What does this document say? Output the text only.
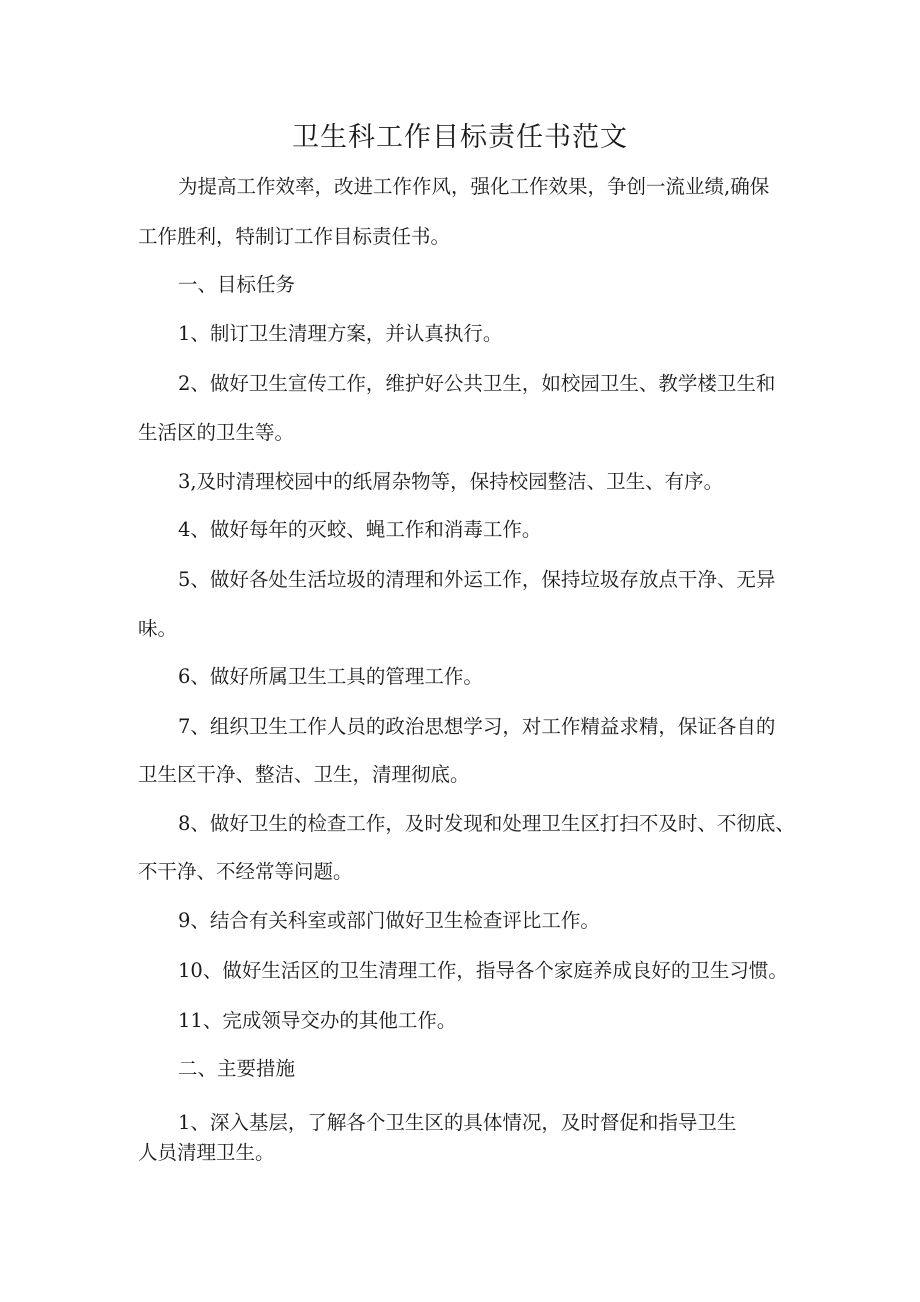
卫生科工作目标责任书范文
为提高工作效率，改进工作作风，强化工作效果，争创一流业绩,确保
工作胜利，特制订工作目标责任书。
一、目标任务
1、制订卫生清理方案，并认真执行。
2、做好卫生宣传工作，维护好公共卫生，如校园卫生、教学楼卫生和
生活区的卫生等。
3,及时清理校园中的纸屑杂物等，保持校园整洁、卫生、有序。
4、做好每年的灭蛟、蝇工作和消毒工作。
5、做好各处生活垃圾的清理和外运工作，保持垃圾存放点干净、无异
味。
6、做好所属卫生工具的管理工作。
7、组织卫生工作人员的政治思想学习，对工作精益求精，保证各自的
卫生区干净、整洁、卫生，清理彻底。
8、做好卫生的检查工作，及时发现和处理卫生区打扫不及时、不彻底、
不干净、不经常等问题。
9、结合有关科室或部门做好卫生检查评比工作。
10、做好生活区的卫生清理工作，指导各个家庭养成良好的卫生习惯。
11、完成领导交办的其他工作。
二、主要措施
1、深入基层，了解各个卫生区的具体情况，及时督促和指导卫生
人员清理卫生。
